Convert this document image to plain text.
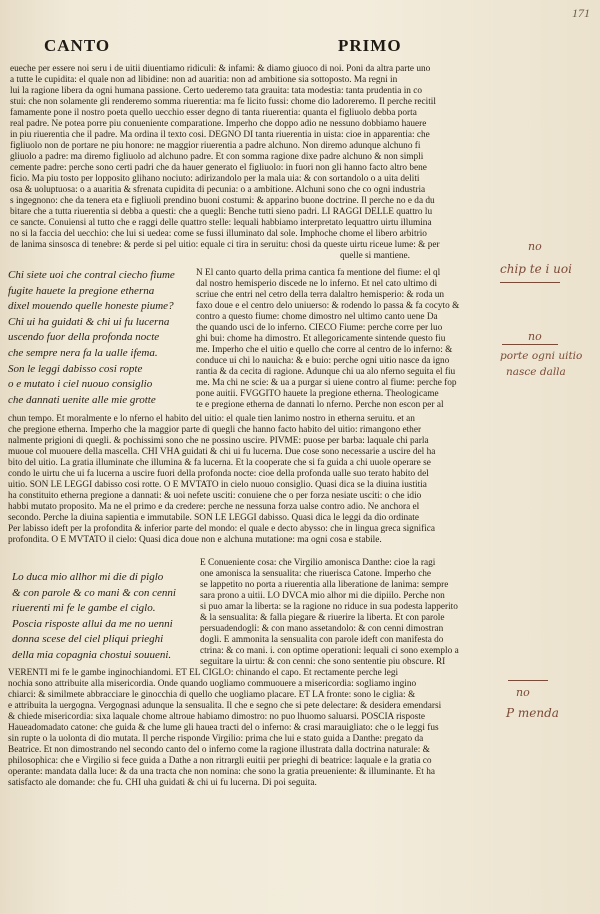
171
CANTO	PRIMO
eueche per essere noi seru i de uitii diuentiamo ridiculi: & infami: & diamo giuoco di noi. Poni da altra parte uno
a tutte le cupidita: el quale non ad libidine: non ad auaritia: non ad ambitione sia sottoposto. Ma regni in
lui la ragione libera da ogni humana passione. Certo uederemo tata grauita: tata modestia: tanta prudentia in co
stui: che non solamente gli renderemo somma riuerentia: ma fe licito fussi: chome dio ladoreremo. Il perche recitil
famamente pone il nostro poeta quello uecchio esser degno di tanta riuerentia: quanta el figliuolo debba porta
real padre. Ne potea porre piu conueniente comparatione. Imperho che doppo adio ne nessuno dobbiamo hauere
in piu riuerentia che il padre. Ma ordina il texto cosi. DEGNO DI tanta riuerentia in uista: cioe in apparentia: che
figliuolo non de portare ne piu honore: ne maggior riuerentia a padre alchuno. Non diremo adunque alchuno fi
gliuolo a padre: ma diremo figliuolo ad alchuno padre. Et con somma ragione dixe padre alchuno & non simpli
cemente padre: perche sono certi padri che da hauer generato el figliuolo: in fuori non gli hanno facto altro bene
ficio. Ma piu tosto per lopposito glihano nociuto: adirizandolo per la mala uia: & con sortandolo o a uita deliti
osa & uoluptuosa: o a auaritia & sfrenata cupidita di pecunia: o a ambitione. Alchuni sono che co ogni industria
s ingegnono: che da tenera eta e figliuoli prendino buoni costumi: & apparino buone doctrine. Il perche no e da du
bitare che a tutta riuerentia si debba a questi: che a quegli: Benche tutti sieno padri. LI RAGGI DELLE quattro lu
ce sancte. Conuiensi al tutto che e raggi delle quattro stelle: lequali habbiamo interpretato lequattro uirtu illumina
no si la faccia del uecchio: che lui si uedea: come se fussi illuminato dal sole. Imphoche chome el libero arbitrio
de lanima sinsosca di tenebre: & perde si pel uitio: equale ci tira in seruitu: chosi da queste uirtu riceue lume: & per
quelle si mantiene.
Chi siete uoi che contral ciecho fiume
fugite hauete la pregione etherna
dixel mouendo quelle honeste piume?
Chi ui ha guidati & chi ui fu lucerna
uscendo fuor della profonda nocte
che sempre nera fa la ualle ifema.
Son le leggi dabisso cosi ropte
o e mutato i ciel nuouo consiglio
che dannati uenite alle mie grotte
N El canto quarto della prima cantica fa mentione del fiume: el ql
dal nostro hemisperio discede ne lo inferno. Et nel cato ultimo di
scriue che entri nel cetro della terra dalaltro hemisperio: & roda un
faxo doue e el centro delo uniuerso: & rodendo lo passa & fa cocyto &
contro a questo fiume: chome dimostro nel ultimo canto uene Da
the quando usci de lo inferno. CIECO Fiume: perche corre per luo
ghi bui: chome ha dimostro. Et allegoricamente sintende questo fiu
me. Imperho che el uitio e quello che corre al centro de lo inferno: &
conduce ui chi lo nauicha: & e buio: perche ogni uitio nasce da igno
rantia & da cecita di ragione. Adunque chi ua alo nferno seguita el fiu
me. Ma chi ne scie: & ua a purgar si uiene contro al fiume: perche fop
pone auitii. FVGGITO hauete la pregione etherna. Theologicame
te e pregione etherna de dannati lo nferno. Perche non escon per al
chun tempo. Et moralmente e lo nferno el habito del uitio: el quale tien lanimo nostro in etherna seruitu. et an
che pregione etherna. Imperho che la maggior parte di quegli che hanno facto habito del uitio: rimangono ether
nalmente prigioni di quegli. & pochissimi sono che ne possino uscire. PIVME: puose per barba: laquale chi parla
muoue col muouere della mascella. CHI VHA guidati & chi ui fu lucerna. Due cose sono necessarie a uscire del ha
bito del uitio. La gratia illuminate che illumina & fa lucerna. Et la cooperate che si fa guida a chi uuole operare se
condo le uirtu che ui fa lucerna a uscire fuori della profonda nocte: cioe della profonda ualle suo terato habito del
uitio. SON LE LEGGI dabisso cosi rotte. O E MVTATO in cielo nuouo consiglio. Quasi dica se la diuina iustitia
ha constituito etherna pregione a dannati: & uoi nefete usciti: conuiene che o per forza nesiate usciti: o che idio
habbi mutato proposito. Ma ne el primo e da credere: perche ne nessuna forza ualse contro adio. Ne anchora el
secondo. Perche la diuina sapientia e immutabile. SON LE LEGGI dabisso. Quasi dica le leggi da dio ordinate
Per labisso ideft per la profondita & inferior parte del mondo: el quale e decto abysso: che in lingua greca significa
profondita. O E MVTATO il cielo: Quasi dica doue non e alchuna mutatione: ma ogni cosa e stabile.
Lo duca mio allhor mi die di piglo
& con parole & co mani & con cenni
riuerenti mi fe le gambe el ciglo.
Poscia risposte allui da me no uenni
donna scese del ciel pliqui prieghi
della mia copagnia chostui souueni.
E Conueniente cosa: che Virgilio amonisca Danthe: cioe la ragi
one amonisca la sensualita: che riuerisca Catone. Imperho che
se lappetito no porta a riuerentia alla liberatione de lanima: sempre
sara prono a uitii. LO DVCA mio alhor mi die dipiilo. Perche non
si puo amar la liberta: se la ragione no riduce in sua podesta lapperito
& la sensualita: & falla piegare & riuerire la liberta. Et con parole
persuadendogli: & con mano assetandolo: & con cenni dimostran
dogli. E ammonita la sensualita con parole ideft con manifesta do
ctrina: & co mani. i. con optime operationi: lequali ci sono exemplo a
seguitare la uirtu: & con cenni: che sono sententie piu obscure. RI
VERENTI mi fe le gambe inginochiandomi. ET EL CIGLO: chinando el capo. Et rectamente perche legi
nochia sono attribuite alla misericordia. Onde quando uogliamo commuouere a misericordia: sogliamo ingino
chiarci: & similmete abbracciare le ginocchia di quello che uogliamo placare. ET LA fronte: sono le ciglia: &
e attribuita la uergogna. Vergognasi adunque la sensualita. Il che e segno che si pete delectare: & desidera emendarsi
& chiede misericordia: sixa laquale chome altroue habiamo dimostro: no puo lhuomo saluarsi. POSCIA risposte
Haueadomadato catone: che guida & che lume gli hauea tracti del o inferno: & crasi marauigliato: che o le leggi fus
sin rupte o la uolonta di dio mutata. Il perche risponde Virgilio: prima che lui e stato guida a Danthe: pregato da
Beatrice. Et non dimostrando nel secondo canto del o inferno come la ragione illustrata dalla doctrina naturale: &
philosophica: che e Virgilio si fece guida a Dathe a non ritrargli euitii per prieghi di beatrice: laquale e la gratia co
operante: mandata dalla luce: & da una tracta che non nomina: che sono la gratia preueniente: & illuminante. Et ha
satisfacto ale domande: che fu. CHI uha guidati & chi ui fu lucerna. Di poi seguita.
no
chip te i uoi
no
porte ogni uitio
nasce dalla
no
P menda
